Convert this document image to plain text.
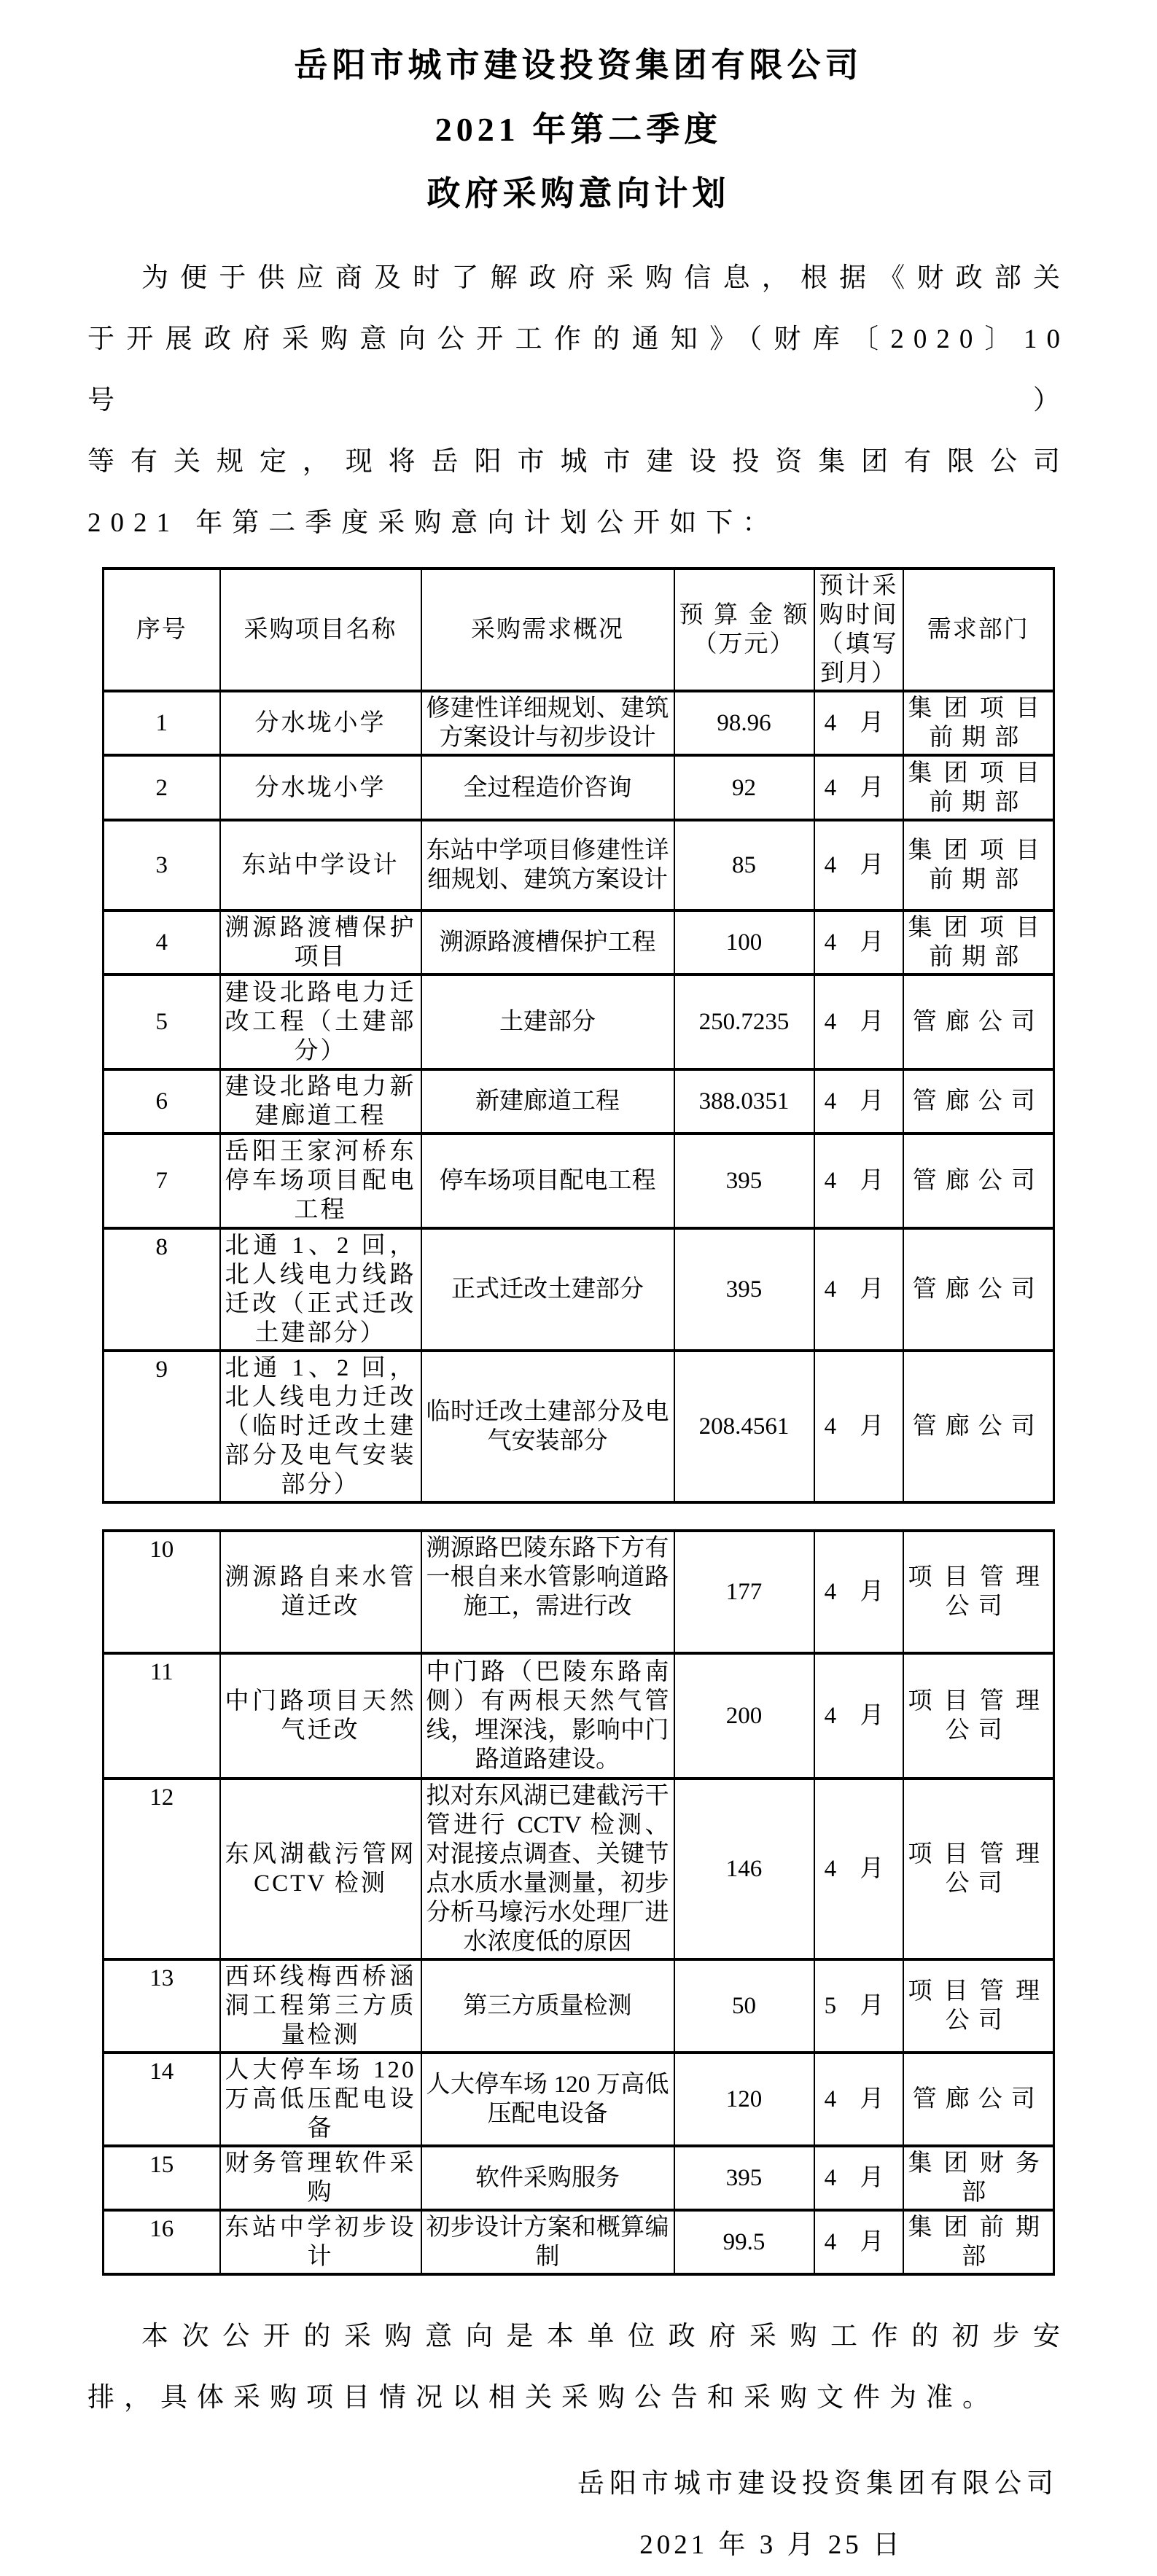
岳阳市城市建设投资集团有限公司
2021 年第二季度
政府采购意向计划
为便于供应商及时了解政府采购信息，根据《财政部关
于开展政府采购意向公开工作的通知》（财库〔2020〕10 号）
等有关规定，现将岳阳市城市建设投资集团有限公司
2021 年第二季度采购意向计划公开如下：
序号	采购项目名称	采购需求概况	预算金额（万元）	预计采购时间（填写到月）	需求部门
1	分水垅小学	修建性详细规划、建筑方案设计与初步设计	98.96	4 月	集团项目前期部
2	分水垅小学	全过程造价咨询	92	4 月	集团项目前期部
3	东站中学设计	东站中学项目修建性详细规划、建筑方案设计	85	4 月	集团项目前期部
4	溯源路渡槽保护项目	溯源路渡槽保护工程	100	4 月	集团项目前期部
5	建设北路电力迁改工程（土建部分）	土建部分	250.7235	4 月	管廊公司
6	建设北路电力新建廊道工程	新建廊道工程	388.0351	4 月	管廊公司
7	岳阳王家河桥东停车场项目配电工程	停车场项目配电工程	395	4 月	管廊公司
8	北通 1、2 回，北人线电力线路迁改（正式迁改土建部分）	正式迁改土建部分	395	4 月	管廊公司
9	北通 1、2 回，北人线电力迁改（临时迁改土建部分及电气安装部分）	临时迁改土建部分及电气安装部分	208.4561	4 月	管廊公司
10	溯源路自来水管道迁改	溯源路巴陵东路下方有一根自来水管影响道路施工，需进行改	177	4 月	项目管理公司
11	中门路项目天然气迁改	中门路（巴陵东路南侧）有两根天然气管线，埋深浅，影响中门路道路建设。	200	4 月	项目管理公司
12	东风湖截污管网 CCTV 检测	拟对东风湖已建截污干管进行 CCTV 检测、对混接点调查、关键节点水质水量测量，初步分析马壕污水处理厂进水浓度低的原因	146	4 月	项目管理公司
13	西环线梅西桥涵洞工程第三方质量检测	第三方质量检测	50	5 月	项目管理公司
14	人大停车场 120 万高低压配电设备	人大停车场 120 万高低压配电设备	120	4 月	管廊公司
15	财务管理软件采购	软件采购服务	395	4 月	集团财务部
16	东站中学初步设计	初步设计方案和概算编制	99.5	4 月	集团前期部
本次公开的采购意向是本单位政府采购工作的初步安
排，具体采购项目情况以相关采购公告和采购文件为准。
岳阳市城市建设投资集团有限公司
2021 年 3 月 25 日
